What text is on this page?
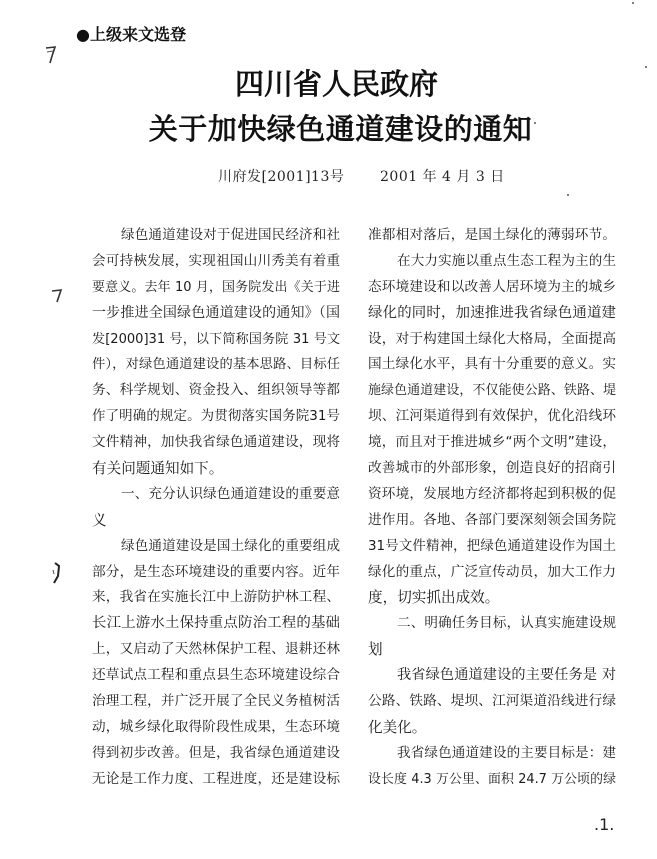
●上级来文选登
四川省人民政府
关于加快绿色通道建设的通知
川府发[2001]13号	2001 年 4 月 3 日
绿色通道建设对于促进国民经济和社
会可持梜发展，实现祖国山川秀美有着重
要意义。去年 10 月，国务院发出《关于进
一步推进全国绿色通道建设的通知》（国
发[2000]31 号，以下简称国务院 31 号文
件），对绿色通道建设的基本思路、目标任
务、科学规划、资金投入、组织领导等都
作了明确的规定。为贯彻落实国务院31号
文件精神，加快我省绿色通道建设，现将
有关问题通知如下。
一、充分认识绿色通道建设的重要意
义
绿色通道建设是国土绿化的重要组成
部分，是生态环境建设的重要内容。近年
来，我省在实施长江中上游防护林工程、
长江上游水土保持重点防治工程的基础
上，又启动了天然林保护工程、退耕还林
还草试点工程和重点县生态环境建设综合
治理工程，并广泛开展了全民义务植树活
动，城乡绿化取得阶段性成果，生态环境
得到初步改善。但是，我省绿色通道建设
无论是工作力度、工程进度，还是建设标
准都相对落后，是国土绿化的薄弱环节。
在大力实施以重点生态工程为主的生
态环境建设和以改善人居环境为主的城乡
绿化的同时，加速推进我省绿色通道建
设，对于构建国土绿化大格局，全面提高
国土绿化水平，具有十分重要的意义。实
施绿色通道建设，不仅能使公路、铁路、堤
坝、江河渠道得到有效保护，优化沿线环
境，而且对于推进城乡“两个文明”建设，
改善城市的外部形象，创造良好的招商引
资环境，发展地方经济都将起到积极的促
进作用。各地、各部门要深刻领会国务院
31号文件精神，把绿色通道建设作为国土
绿化的重点，广泛宣传动员，加大工作力
度，切实抓出成效。
二、明确任务目标，认真实施建设规
划
我省绿色通道建设的主要任务是 对
公路、铁路、堤坝、江河渠道沿线进行绿
化美化。
我省绿色通道建设的主要目标是：建
设长度 4.3 万公里、面积 24.7 万公顷的绿
.1.
